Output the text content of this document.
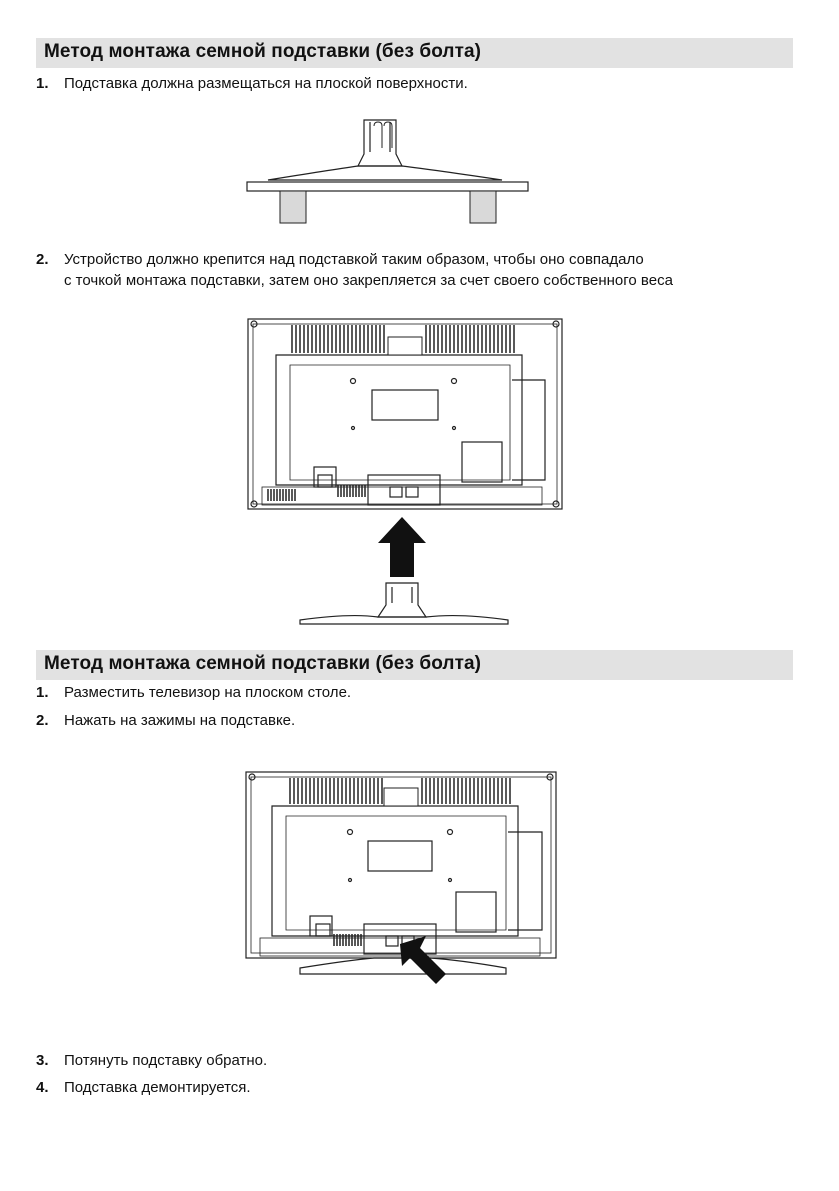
Метод монтажа семной подставки (без болта)
1. Подставка должна размещаться на плоской поверхности.
2. Устройство должно крепится над подставкой таким образом, чтобы оно совпадало
с точкой монтажа подставки, затем оно закрепляется за счет своего собственного веса
Метод монтажа семной подставки (без болта)
1. Разместить телевизор на плоском столе.
2. Нажать на зажимы на подставке.
3. Потянуть подставку обратно.
4. Подставка демонтируется.
